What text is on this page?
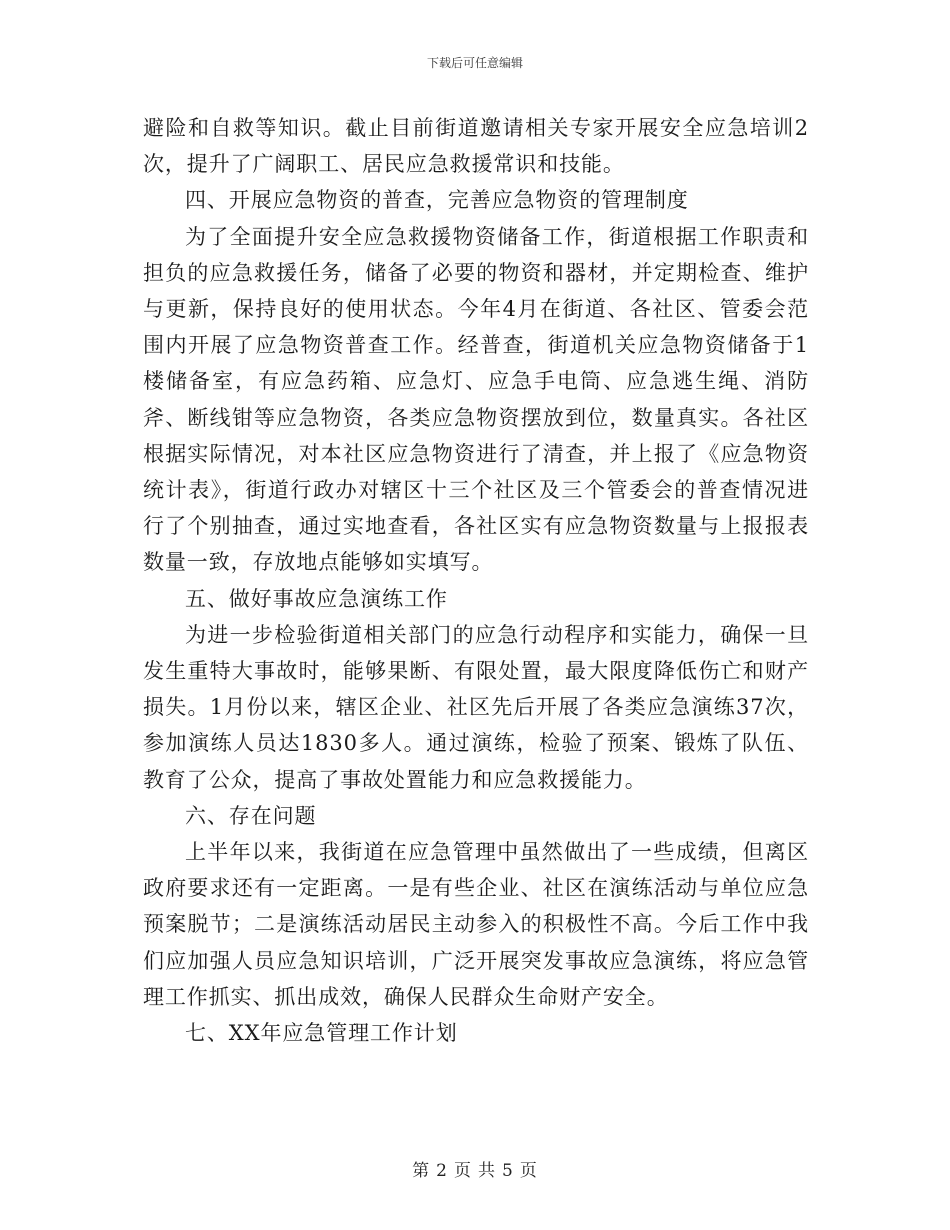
下载后可任意编辑

避险和自救等知识。截止目前街道邀请相关专家开展安全应急培训2次，提升了广阔职工、居民应急救援常识和技能。

四、开展应急物资的普查，完善应急物资的管理制度

为了全面提升安全应急救援物资储备工作，街道根据工作职责和担负的应急救援任务，储备了必要的物资和器材，并定期检查、维护与更新，保持良好的使用状态。今年4月在街道、各社区、管委会范围内开展了应急物资普查工作。经普查，街道机关应急物资储备于1楼储备室，有应急药箱、应急灯、应急手电筒、应急逃生绳、消防斧、断线钳等应急物资，各类应急物资摆放到位，数量真实。各社区根据实际情况，对本社区应急物资进行了清查，并上报了《应急物资统计表》，街道行政办对辖区十三个社区及三个管委会的普查情况进行了个别抽查，通过实地查看，各社区实有应急物资数量与上报报表数量一致，存放地点能够如实填写。

五、做好事故应急演练工作

为进一步检验街道相关部门的应急行动程序和实能力，确保一旦发生重特大事故时，能够果断、有限处置，最大限度降低伤亡和财产损失。1月份以来，辖区企业、社区先后开展了各类应急演练37次，参加演练人员达1830多人。通过演练，检验了预案、锻炼了队伍、教育了公众，提高了事故处置能力和应急救援能力。

六、存在问题

上半年以来，我街道在应急管理中虽然做出了一些成绩，但离区政府要求还有一定距离。一是有些企业、社区在演练活动与单位应急预案脱节；二是演练活动居民主动参入的积极性不高。今后工作中我们应加强人员应急知识培训，广泛开展突发事故应急演练，将应急管理工作抓实、抓出成效，确保人民群众生命财产安全。

七、XX年应急管理工作计划

第 2 页 共 5 页
